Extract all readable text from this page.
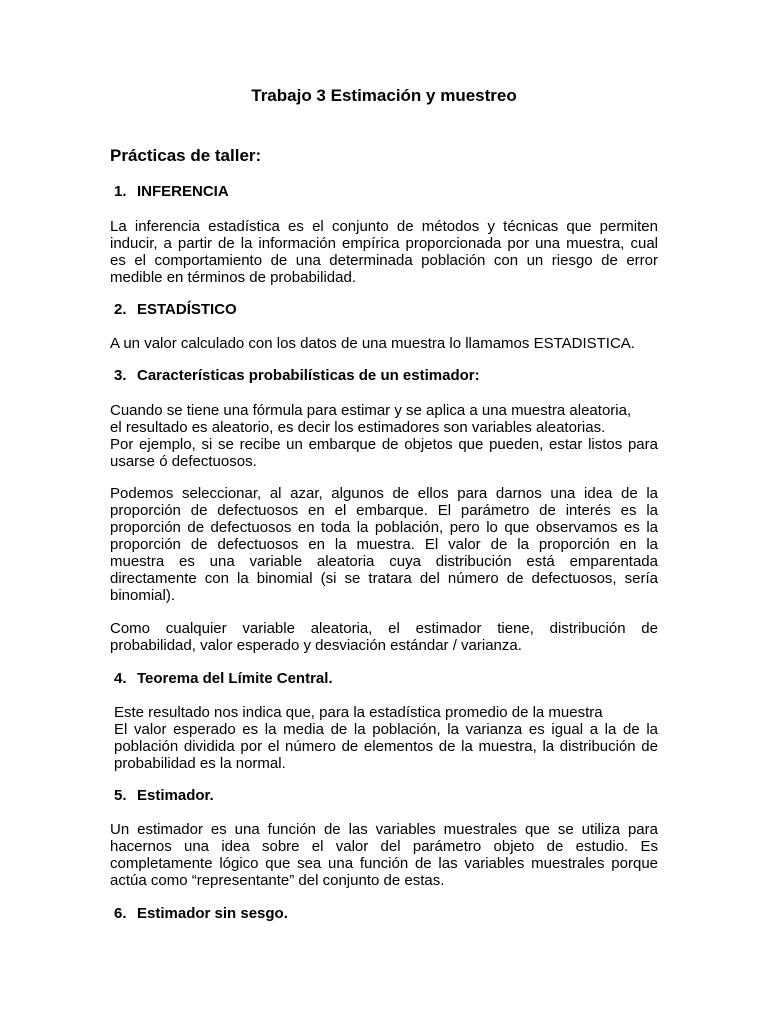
Trabajo 3 Estimación y muestreo
Prácticas de taller:
1. INFERENCIA
La inferencia estadística es el conjunto de métodos y técnicas que permiten
inducir, a partir de la información empírica proporcionada por una muestra, cual
es el comportamiento de una determinada población con un riesgo de error
medible en términos de probabilidad.
2. ESTADÍSTICO
A un valor calculado con los datos de una muestra lo llamamos ESTADISTICA.
3. Características probabilísticas de un estimador:
Cuando se tiene una fórmula para estimar y se aplica a una muestra aleatoria,
el resultado es aleatorio, es decir los estimadores son variables aleatorias.
Por ejemplo, si se recibe un embarque de objetos que pueden, estar listos para
usarse ó defectuosos.
Podemos seleccionar, al azar, algunos de ellos para darnos una idea de la
proporción de defectuosos en el embarque. El parámetro de interés es la
proporción de defectuosos en toda la población, pero lo que observamos es la
proporción de defectuosos en la muestra. El valor de la proporción en la
muestra es una variable aleatoria cuya distribución está emparentada
directamente con la binomial (si se tratara del número de defectuosos, sería
binomial).
Como cualquier variable aleatoria, el estimador tiene, distribución de
probabilidad, valor esperado y desviación estándar / varianza.
4. Teorema del Límite Central.
Este resultado nos indica que, para la estadística promedio de la muestra
El valor esperado es la media de la población, la varianza es igual a la de la
población dividida por el número de elementos de la muestra, la distribución de
probabilidad es la normal.
5. Estimador.
Un estimador es una función de las variables muestrales que se utiliza para
hacernos una idea sobre el valor del parámetro objeto de estudio. Es
completamente lógico que sea una función de las variables muestrales porque
actúa como “representante” del conjunto de estas.
6. Estimador sin sesgo.
